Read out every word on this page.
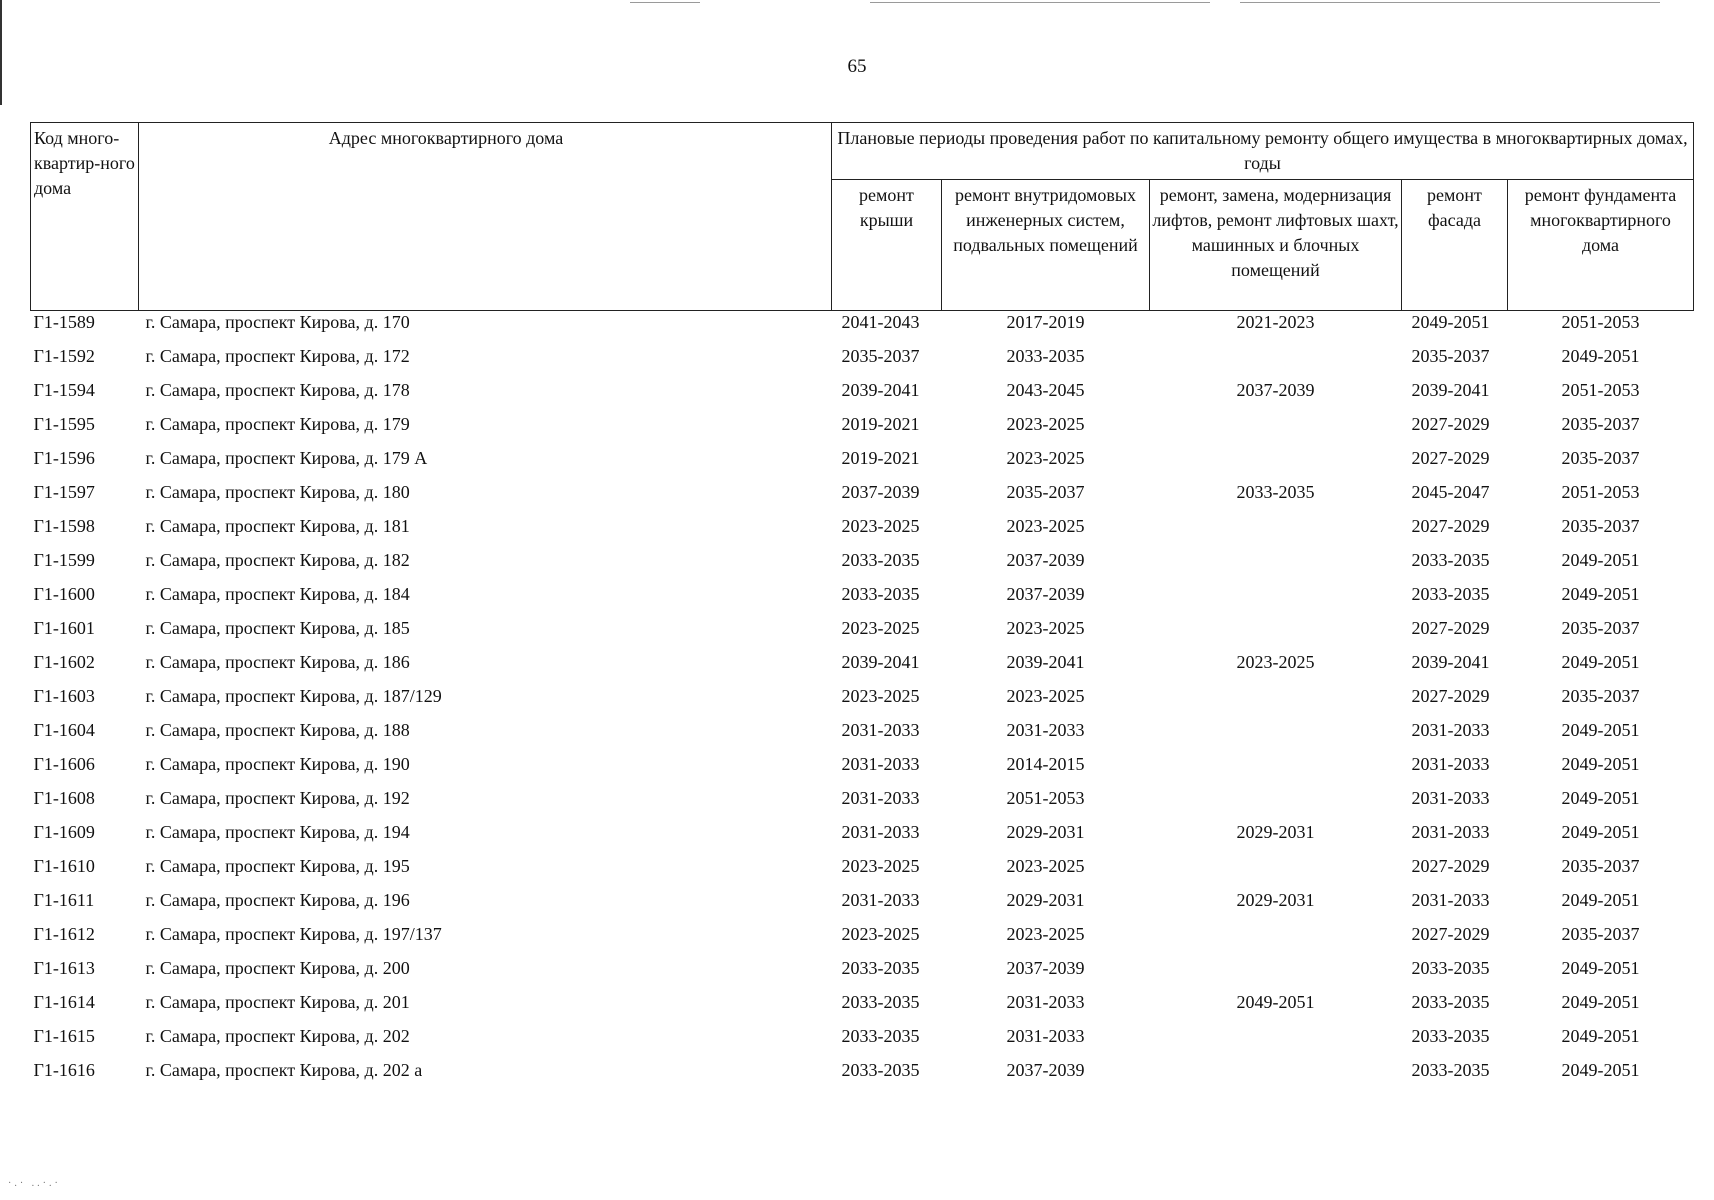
65
Код много-квартир-ного дома	Адрес многоквартирного дома	Плановые периоды проведения работ по капитальному ремонту общего имущества в многоквартирных домах, годы				
		ремонт крыши	ремонт внутридомовых инженерных систем, подвальных помещений	ремонт, замена, модернизация лифтов, ремонт лифтовых шахт, машинных и блочных помещений	ремонт фасада	ремонт фундамента многоквартирного дома
Г1-1589	г. Самара, проспект Кирова, д. 170	2041-2043	2017-2019	2021-2023	2049-2051	2051-2053
Г1-1592	г. Самара, проспект Кирова, д. 172	2035-2037	2033-2035		2035-2037	2049-2051
Г1-1594	г. Самара, проспект Кирова, д. 178	2039-2041	2043-2045	2037-2039	2039-2041	2051-2053
Г1-1595	г. Самара, проспект Кирова, д. 179	2019-2021	2023-2025		2027-2029	2035-2037
Г1-1596	г. Самара, проспект Кирова, д. 179 А	2019-2021	2023-2025		2027-2029	2035-2037
Г1-1597	г. Самара, проспект Кирова, д. 180	2037-2039	2035-2037	2033-2035	2045-2047	2051-2053
Г1-1598	г. Самара, проспект Кирова, д. 181	2023-2025	2023-2025		2027-2029	2035-2037
Г1-1599	г. Самара, проспект Кирова, д. 182	2033-2035	2037-2039		2033-2035	2049-2051
Г1-1600	г. Самара, проспект Кирова, д. 184	2033-2035	2037-2039		2033-2035	2049-2051
Г1-1601	г. Самара, проспект Кирова, д. 185	2023-2025	2023-2025		2027-2029	2035-2037
Г1-1602	г. Самара, проспект Кирова, д. 186	2039-2041	2039-2041	2023-2025	2039-2041	2049-2051
Г1-1603	г. Самара, проспект Кирова, д. 187/129	2023-2025	2023-2025		2027-2029	2035-2037
Г1-1604	г. Самара, проспект Кирова, д. 188	2031-2033	2031-2033		2031-2033	2049-2051
Г1-1606	г. Самара, проспект Кирова, д. 190	2031-2033	2014-2015		2031-2033	2049-2051
Г1-1608	г. Самара, проспект Кирова, д. 192	2031-2033	2051-2053		2031-2033	2049-2051
Г1-1609	г. Самара, проспект Кирова, д. 194	2031-2033	2029-2031	2029-2031	2031-2033	2049-2051
Г1-1610	г. Самара, проспект Кирова, д. 195	2023-2025	2023-2025		2027-2029	2035-2037
Г1-1611	г. Самара, проспект Кирова, д. 196	2031-2033	2029-2031	2029-2031	2031-2033	2049-2051
Г1-1612	г. Самара, проспект Кирова, д. 197/137	2023-2025	2023-2025		2027-2029	2035-2037
Г1-1613	г. Самара, проспект Кирова, д. 200	2033-2035	2037-2039		2033-2035	2049-2051
Г1-1614	г. Самара, проспект Кирова, д. 201	2033-2035	2031-2033	2049-2051	2033-2035	2049-2051
Г1-1615	г. Самара, проспект Кирова, д. 202	2033-2035	2031-2033		2033-2035	2049-2051
Г1-1616	г. Самара, проспект Кирова, д. 202 а	2033-2035	2037-2039		2033-2035	2049-2051
·.· ..·.·
